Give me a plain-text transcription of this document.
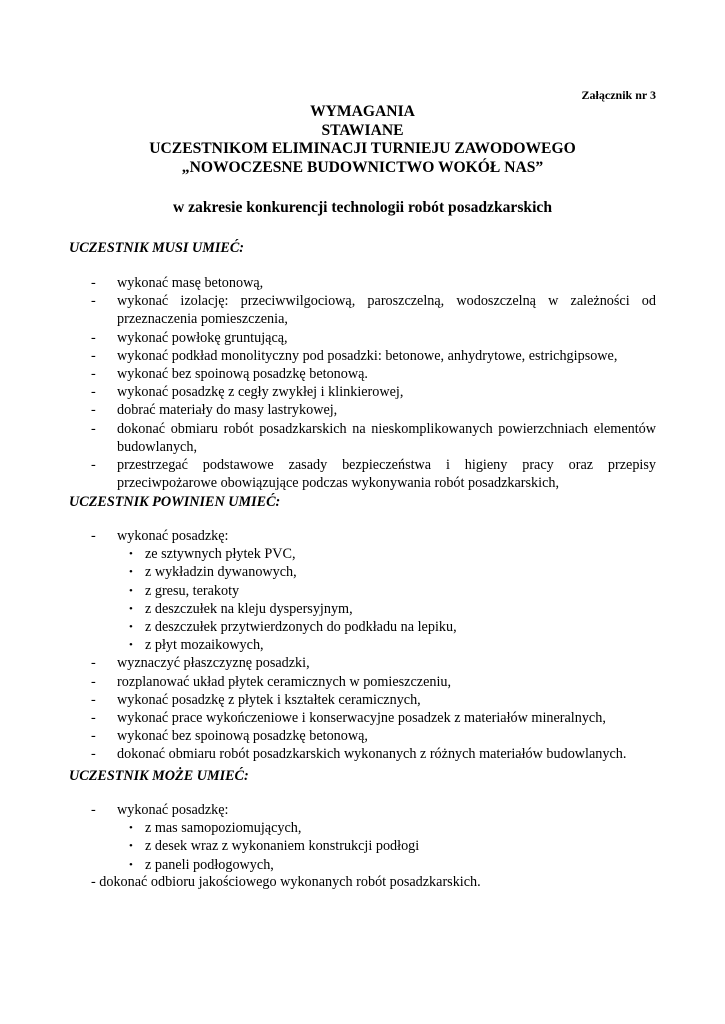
Załącznik nr 3
WYMAGANIA
STAWIANE
UCZESTNIKOM ELIMINACJI TURNIEJU ZAWODOWEGO
„NOWOCZESNE BUDOWNICTWO WOKÓŁ NAS”
w zakresie konkurencji technologii robót posadzkarskich
UCZESTNIK MUSI UMIEĆ:
- wykonać masę betonową,
- wykonać izolację: przeciwwilgociową, paroszczelną, wodoszczelną w zależności od przeznaczenia pomieszczenia,
- wykonać powłokę gruntującą,
- wykonać podkład monolityczny pod posadzki: betonowe, anhydrytowe, estrichgipsowe,
- wykonać bez spoinową posadzkę betonową.
- wykonać posadzkę z cegły zwykłej i klinkierowej,
- dobrać materiały do masy lastrykowej,
- dokonać obmiaru robót posadzkarskich na nieskomplikowanych powierzchniach elementów budowlanych,
- przestrzegać podstawowe zasady bezpieczeństwa i higieny pracy oraz przepisy przeciwpożarowe obowiązujące podczas wykonywania robót posadzkarskich,
UCZESTNIK POWINIEN UMIEĆ:
- wykonać posadzkę:
• ze sztywnych płytek PVC,
• z wykładzin dywanowych,
• z gresu, terakoty
• z deszczułek na kleju dyspersyjnym,
• z deszczułek przytwierdzonych do podkładu na lepiku,
• z płyt mozaikowych,
- wyznaczyć płaszczyznę posadzki,
- rozplanować układ płytek ceramicznych w pomieszczeniu,
- wykonać posadzkę z płytek i kształtek ceramicznych,
- wykonać prace wykończeniowe i konserwacyjne posadzek z materiałów mineralnych,
- wykonać bez spoinową posadzkę betonową,
- dokonać obmiaru robót posadzkarskich wykonanych z różnych materiałów budowlanych.
UCZESTNIK MOŻE UMIEĆ:
- wykonać posadzkę:
• z mas samopoziomujących,
• z desek wraz z wykonaniem konstrukcji podłogi
• z paneli podłogowych,
- dokonać odbioru jakościowego wykonanych robót posadzkarskich.
